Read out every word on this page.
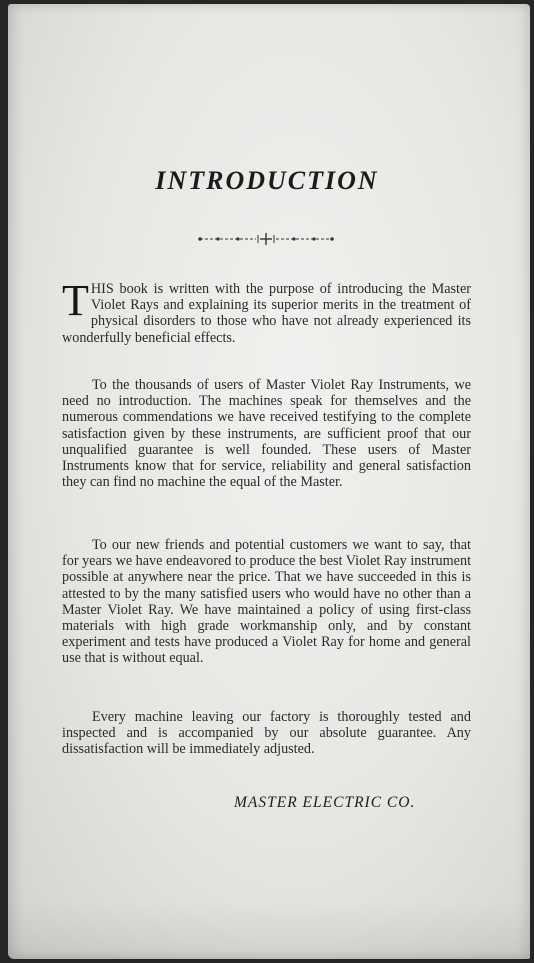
INTRODUCTION

THIS book is written with the purpose of introducing the Master Violet Rays and explaining its superior merits in the treatment of physical disorders to those who have not already experienced its wonderfully beneficial effects.

To the thousands of users of Master Violet Ray Instruments, we need no introduction. The machines speak for themselves and the numerous commendations we have received testifying to the complete satisfaction given by these instruments, are sufficient proof that our unqualified guarantee is well founded. These users of Master Instruments know that for service, reliability and general satisfaction they can find no machine the equal of the Master.

To our new friends and potential customers we want to say, that for years we have endeavored to produce the best Violet Ray instrument possible at anywhere near the price. That we have succeeded in this is attested to by the many satisfied users who would have no other than a Master Violet Ray. We have maintained a policy of using first-class materials with high grade workmanship only, and by constant experiment and tests have produced a Violet Ray for home and general use that is without equal.

Every machine leaving our factory is thoroughly tested and inspected and is accompanied by our absolute guarantee. Any dissatisfaction will be immediately adjusted.

MASTER ELECTRIC CO.
